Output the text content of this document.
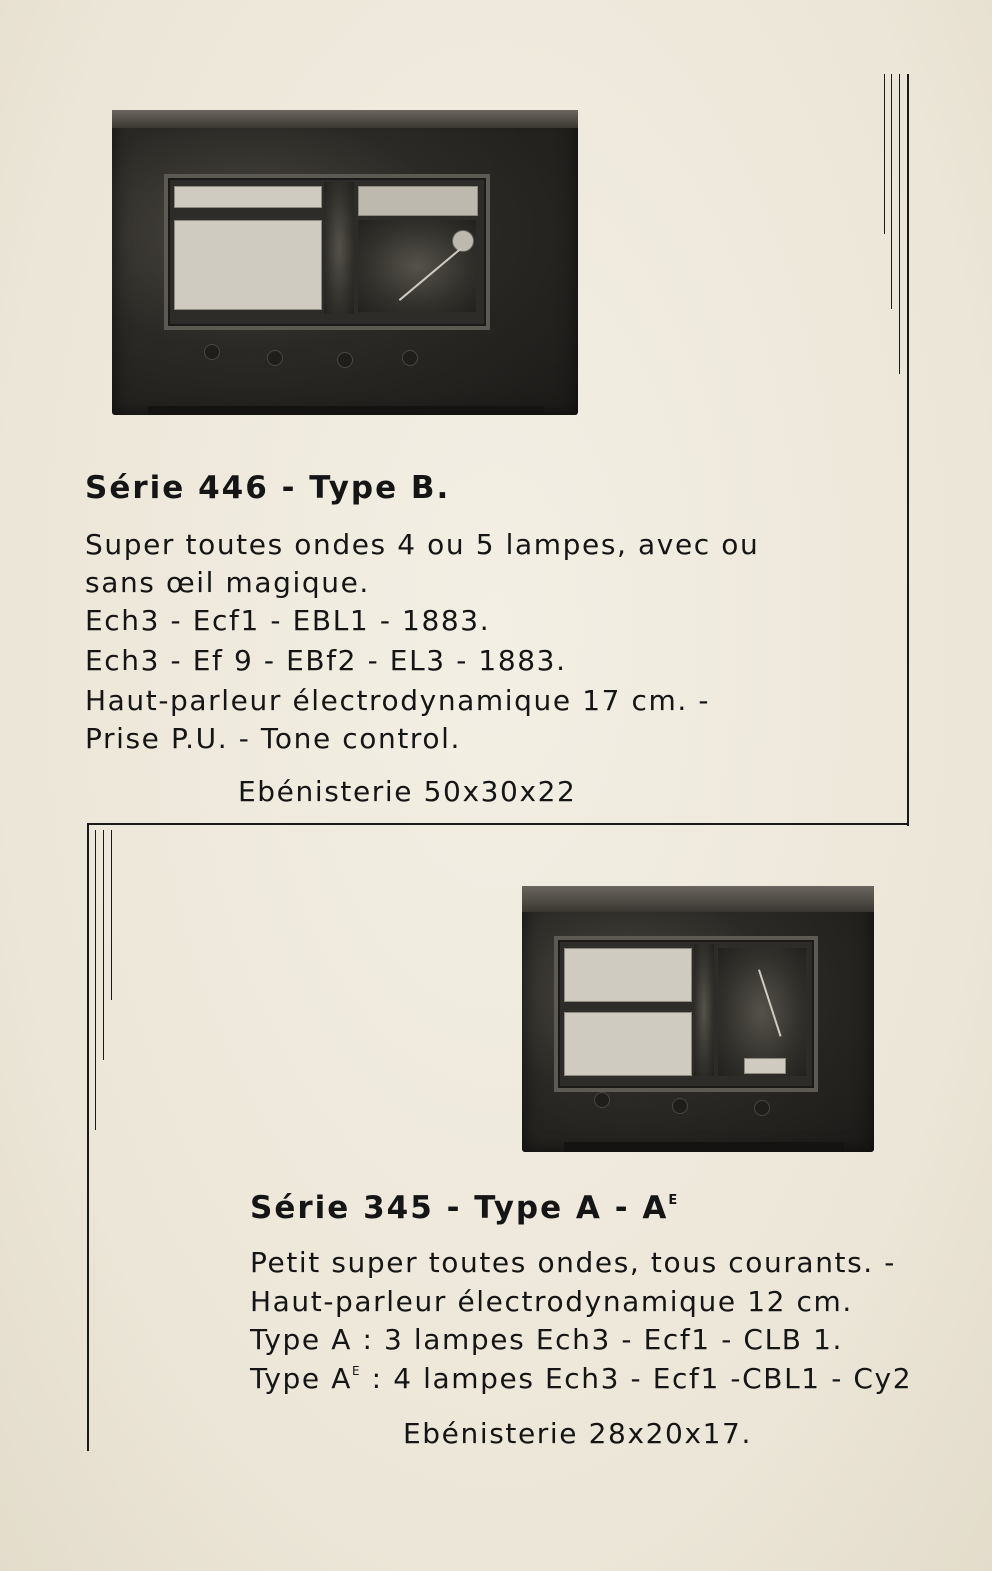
Série 446 - Type B.
Super toutes ondes 4 ou 5 lampes, avec ou
sans œil magique.
Ech3 - Ecf1 - EBL1 - 1883.
Ech3 - Ef 9 - EBf2 - EL3 - 1883.
Haut-parleur électrodynamique 17 cm. -
Prise P.U. - Tone control.
Ebénisterie 50x30x22
Série 345 - Type A - $A^E$
Petit super toutes ondes, tous courants. -
Haut-parleur électrodynamique 12 cm.
Type A : 3 lampes Ech3 - Ecf1 - CLB 1.
Type $A^E$ : 4 lampes Ech3 - Ecf1 -CBL1 - Cy2
Ebénisterie 28x20x17.
